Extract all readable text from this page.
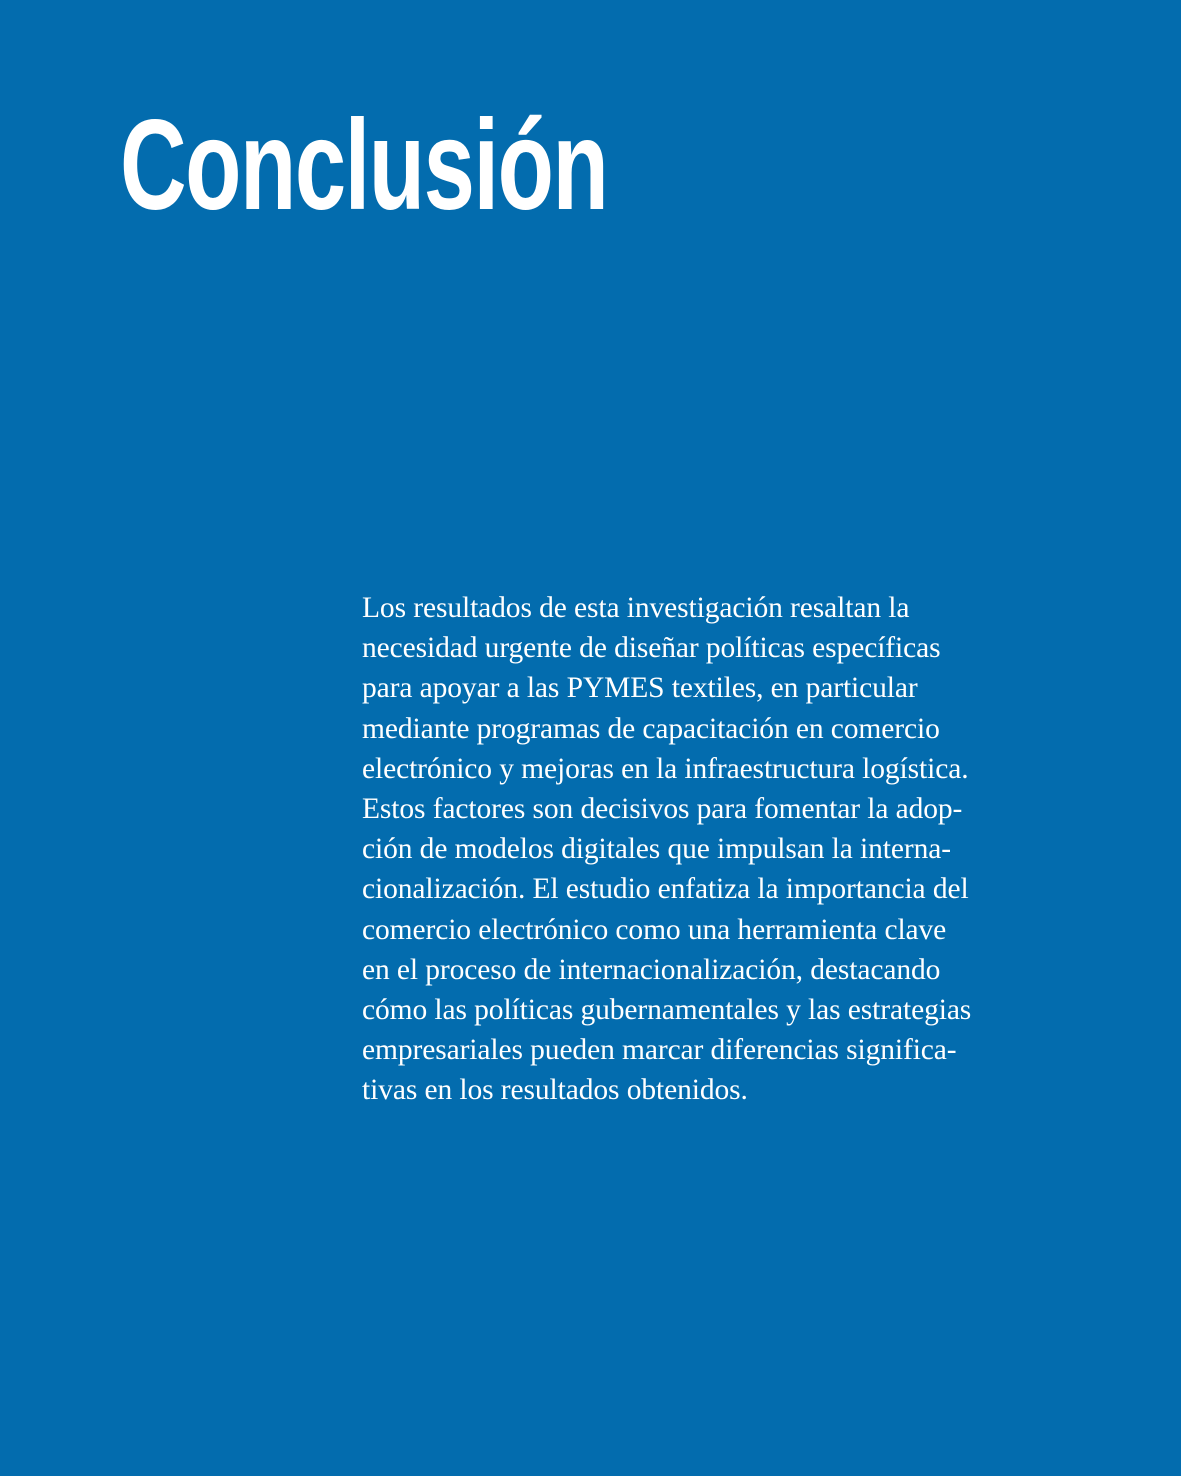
Conclusión
Los resultados de esta investigación resaltan la
necesidad urgente de diseñar políticas específicas
para apoyar a las PYMES textiles, en particular
mediante programas de capacitación en comercio
electrónico y mejoras en la infraestructura logística.
Estos factores son decisivos para fomentar la adop-
ción de modelos digitales que impulsan la interna-
cionalización. El estudio enfatiza la importancia del
comercio electrónico como una herramienta clave
en el proceso de internacionalización, destacando
cómo las políticas gubernamentales y las estrategias
empresariales pueden marcar diferencias significa-
tivas en los resultados obtenidos.
